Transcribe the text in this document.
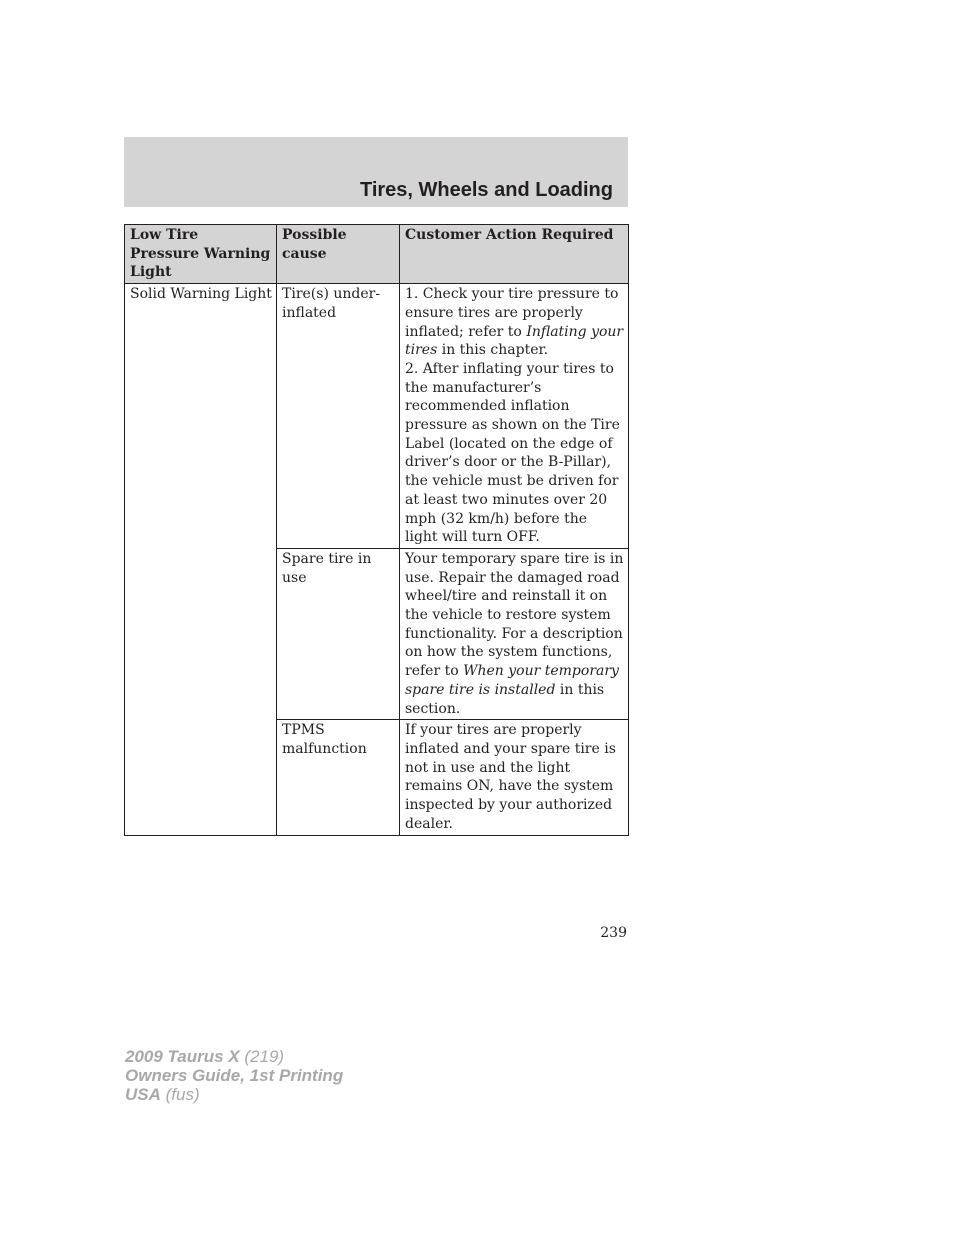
Tires, Wheels and Loading
Low Tire Pressure Warning Light	Possible cause	Customer Action Required
Solid Warning Light	Tire(s) under-inflated	1. Check your tire pressure to ensure tires are properly inflated; refer to Inflating your tires in this chapter.
2. After inflating your tires to the manufacturer’s recommended inflation pressure as shown on the Tire Label (located on the edge of driver’s door or the B-Pillar), the vehicle must be driven for at least two minutes over 20 mph (32 km/h) before the light will turn OFF.

	Spare tire in use	Your temporary spare tire is in use. Repair the damaged road wheel/tire and reinstall it on the vehicle to restore system functionality. For a description on how the system functions, refer to When your temporary spare tire is installed in this section.
	TPMS malfunction	If your tires are properly inflated and your spare tire is not in use and the light remains ON, have the system inspected by your authorized dealer.
239
2009 Taurus X (219)
Owners Guide, 1st Printing
USA (fus)
